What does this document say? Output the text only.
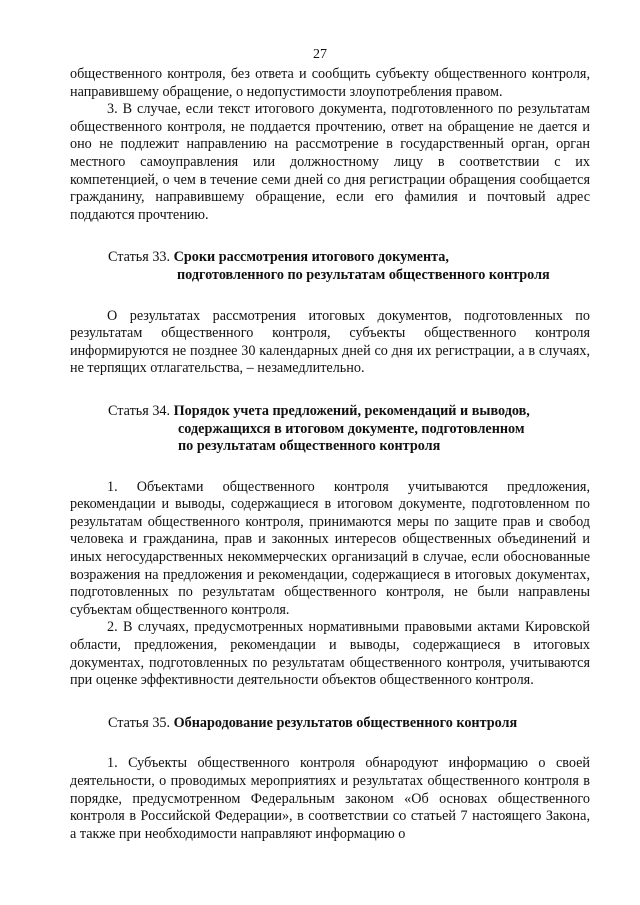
27

общественного контроля, без ответа и сообщить субъекту общественного контроля, направившему обращение, о недопустимости злоупотребления правом.

3. В случае, если текст итогового документа, подготовленного по результатам общественного контроля, не поддается прочтению, ответ на обращение не дается и оно не подлежит направлению на рассмотрение в государственный орган, орган местного самоуправления или должностному лицу в соответствии с их компетенцией, о чем в течение семи дней со дня регистрации обращения сообщается гражданину, направившему обращение, если его фамилия и почтовый адрес поддаются прочтению.

Статья 33. Сроки рассмотрения итогового документа,
подготовленного по результатам общественного контроля

О результатах рассмотрения итоговых документов, подготовленных по результатам общественного контроля, субъекты общественного контроля информируются не позднее 30 календарных дней со дня их регистрации, а в случаях, не терпящих отлагательства, – незамедлительно.

Статья 34. Порядок учета предложений, рекомендаций и выводов,
содержащихся в итоговом документе, подготовленном
по результатам общественного контроля

1. Объектами общественного контроля учитываются предложения, рекомендации и выводы, содержащиеся в итоговом документе, подготовленном по результатам общественного контроля, принимаются меры по защите прав и свобод человека и гражданина, прав и законных интересов общественных объединений и иных негосударственных некоммерческих организаций в случае, если обоснованные возражения на предложения и рекомендации, содержащиеся в итоговых документах, подготовленных по результатам общественного контроля, не были направлены субъектам общественного контроля.

2. В случаях, предусмотренных нормативными правовыми актами Кировской области, предложения, рекомендации и выводы, содержащиеся в итоговых документах, подготовленных по результатам общественного контроля, учитываются при оценке эффективности деятельности объектов общественного контроля.

Статья 35. Обнародование результатов общественного контроля

1. Субъекты общественного контроля обнародуют информацию о своей деятельности, о проводимых мероприятиях и результатах общественного контроля в порядке, предусмотренном Федеральным законом «Об основах общественного контроля в Российской Федерации», в соответствии со статьей 7 настоящего Закона, а также при необходимости направляют информацию о
